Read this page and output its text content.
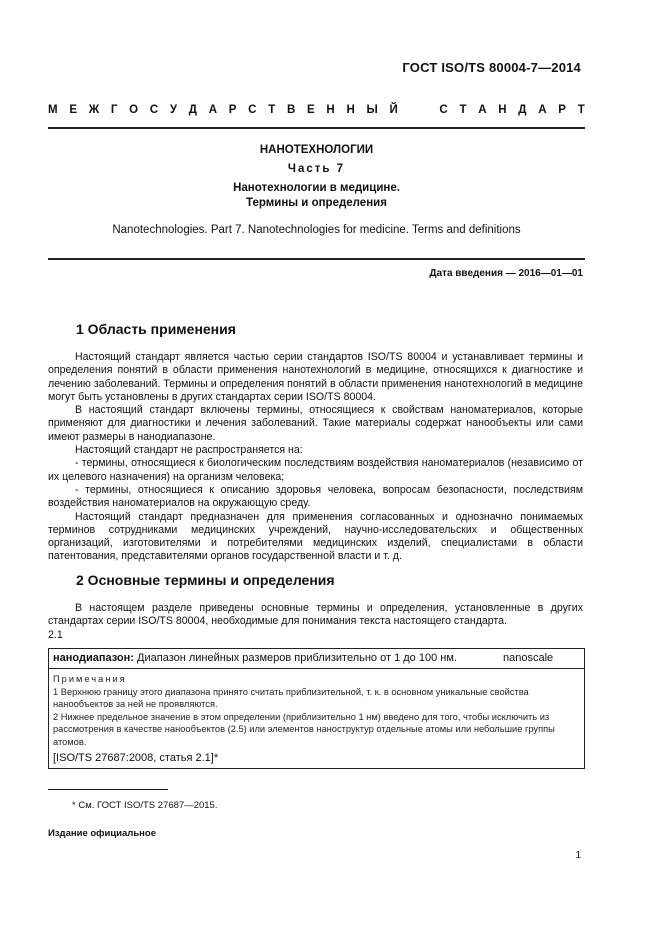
ГОСТ ISO/TS 80004-7—2014
М Е Ж Г О С У Д А Р С Т В Е Н Н Ы Й

	С Т А Н Д А Р Т
НАНОТЕХНОЛОГИИ
Часть 7
Нанотехнологии в медицине.
Термины и определения
Nanotechnologies. Part 7. Nanotechnologies for medicine. Terms and definitions
Дата введения — 2016—01—01
1 Область применения

Настоящий стандарт является частью серии стандартов ISO/TS 80004 и устанавливает термины и определения понятий в области применения нанотехнологий в медицине, относящихся к диагностике и лечению заболеваний. Термины и определения понятий в области применения нанотехнологий в медицине могут быть установлены в других стандартах серии ISO/TS 80004.

В настоящий стандарт включены термины, относящиеся к свойствам наноматериалов, которые применяют для диагностики и лечения заболеваний. Такие материалы содержат нанообъекты или сами имеют размеры в нанодиапазоне.

Настоящий стандарт не распространяется на:

- термины, относящиеся к биологическим последствиям воздействия наноматериалов (независимо от их целевого назначения) на организм человека;

- термины, относящиеся к описанию здоровья человека, вопросам безопасности, последствиям воздействия наноматериалов на окружающую среду.

Настоящий стандарт предназначен для применения согласованных и однозначно понимаемых терминов сотрудниками медицинских учреждений, научно-исследовательских и общественных организаций, изготовителями и потребителями медицинских изделий, специалистами в области патентования, представителями органов государственной власти и т. д.

2 Основные термины и определения

В настоящем разделе приведены основные термины и определения, установленные в других стандартах серии ISO/TS 80004, необходимые для понимания текста настоящего стандарта.

2.1
нанодиапазон: Диапазон линейных размеров приблизительно от 1 до 100 нм.	nanoscale
Примечания
1 Верхнюю границу этого диапазона принято считать приблизительной, т. к. в основном уникальные свойства нанообъектов за ней не проявляются.
2 Нижнее предельное значение в этом определении (приблизительно 1 нм) введено для того, чтобы исключить из рассмотрения в качестве нанообъектов (2.5) или элементов наноструктур отдельные атомы или небольшие группы атомов.
[ISO/TS 27687:2008, статья 2.1]*
* См. ГОСТ ISO/TS 27687—2015.
Издание официальное
1
